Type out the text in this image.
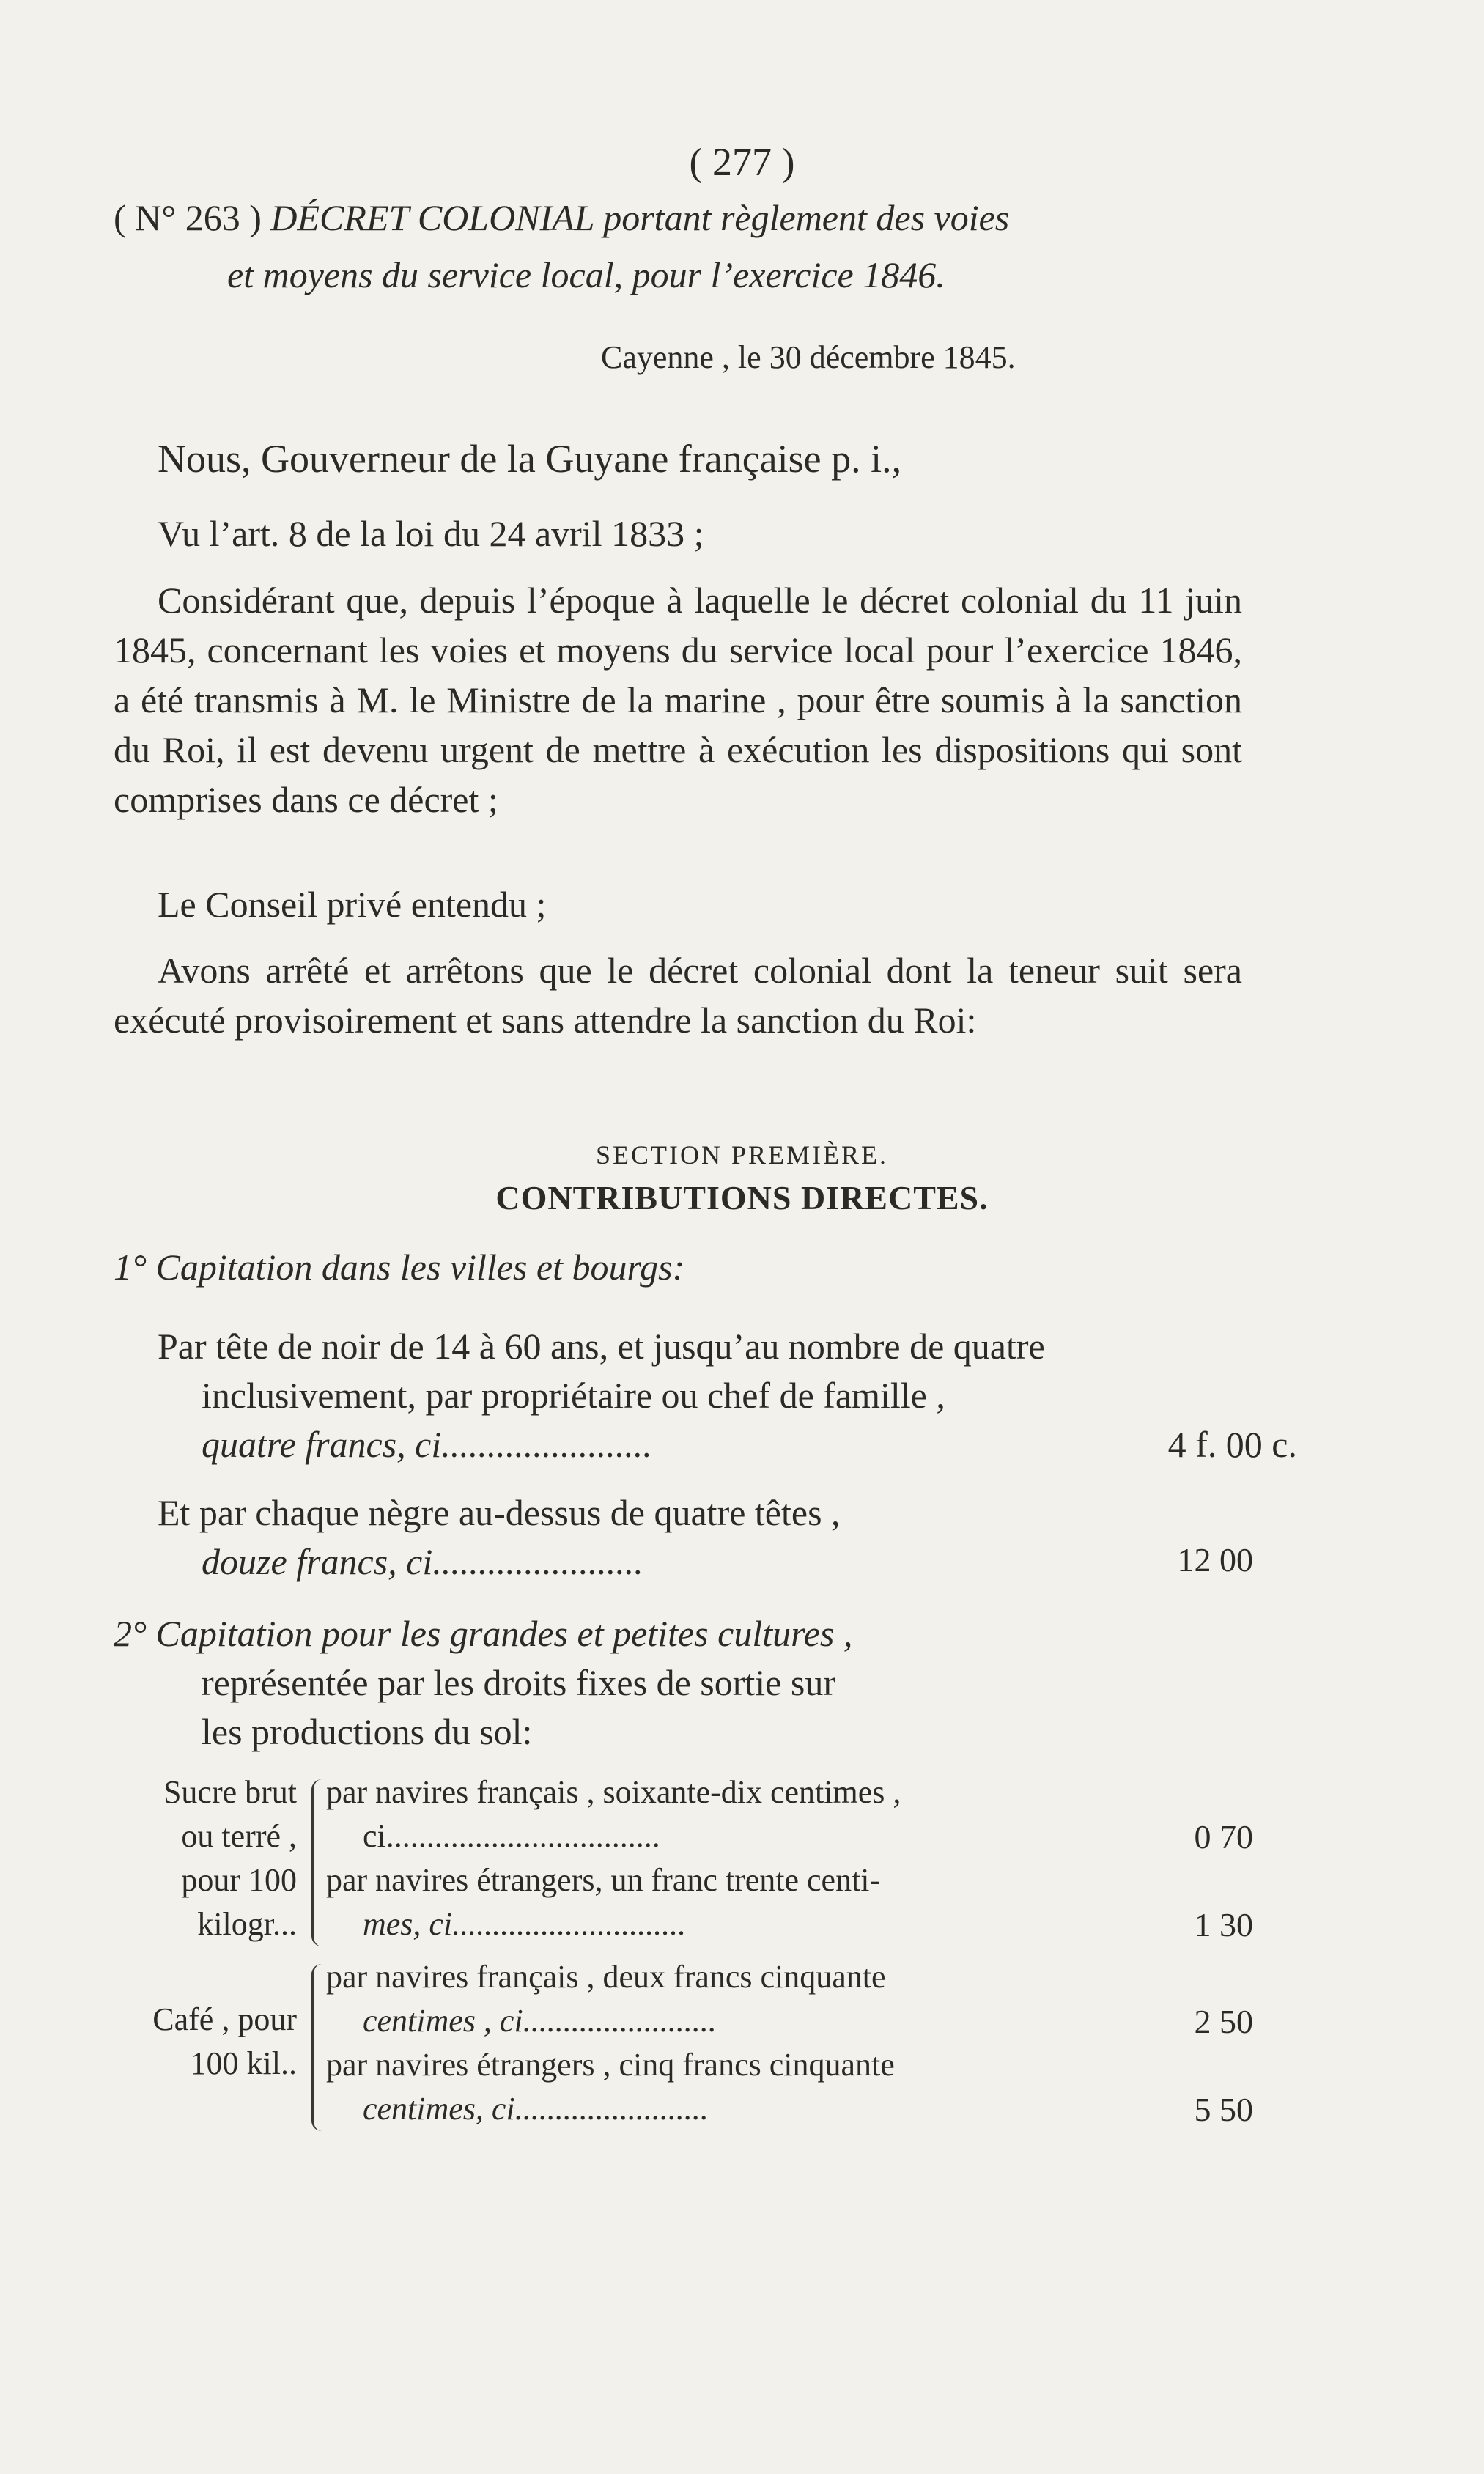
( 277 )
( N° 263 ) DÉCRET COLONIAL portant règlement des voies
et moyens du service local, pour l’exercice 1846.
Cayenne , le 30 décembre 1845.
Nous, Gouverneur de la Guyane française p. i.,
Vu l’art. 8 de la loi du 24 avril 1833 ;
Considérant que, depuis l’époque à laquelle le décret colonial du 11 juin 1845, concernant les voies et moyens du service local pour l’exercice 1846, a été transmis à M. le Ministre de la marine , pour être soumis à la sanction du Roi, il est devenu urgent de mettre à exécution les dispositions qui sont comprises dans ce décret ;
Le Conseil privé entendu ;
Avons arrêté et arrêtons que le décret colonial dont la teneur suit sera exécuté provisoirement et sans attendre la sanction du Roi:
SECTION PREMIÈRE.
CONTRIBUTIONS DIRECTES.
1° Capitation dans les villes et bourgs:
Par tête de noir de 14 à 60 ans, et jusqu’au nombre de quatre
inclusivement, par propriétaire ou chef de famille ,
quatre francs, ci.......................	4 f. 00 c.
Et par chaque nègre au-dessus de quatre têtes ,
douze francs, ci.......................	12 00
2° Capitation pour les grandes et petites cultures ,
représentée par les droits fixes de sortie sur
les productions du sol:
Sucre brut
ou terré ,
pour 100
kilogr...
par navires français , soixante-dix centimes ,
ci..................................	0 70
par navires étrangers, un franc trente centi-
mes, ci.............................	1 30
Café , pour
100 kil..
par navires français , deux francs cinquante
centimes , ci........................	2 50
par navires étrangers , cinq francs cinquante
centimes, ci........................	5 50
